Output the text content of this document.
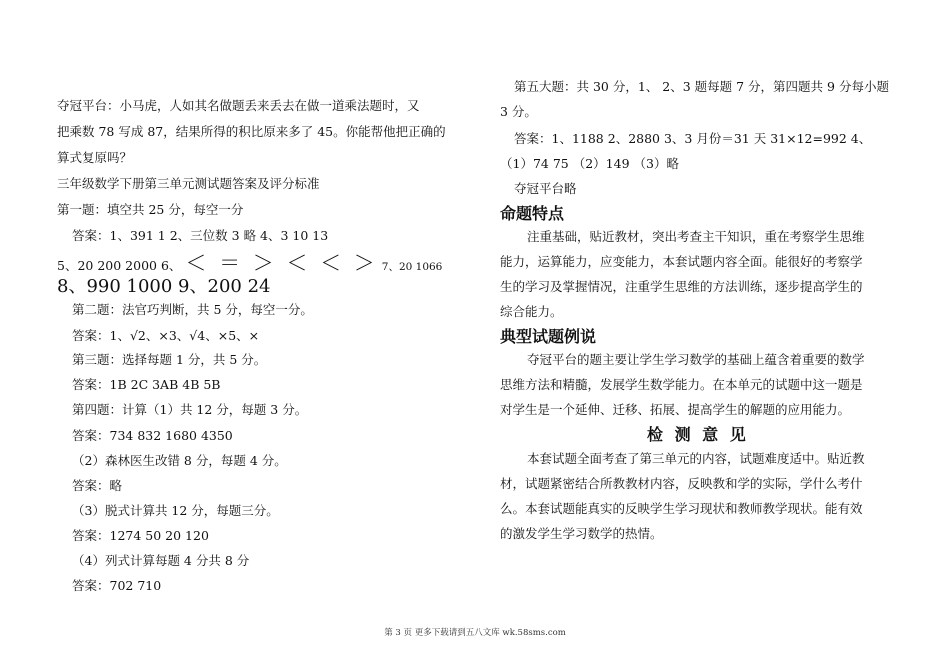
夺冠平台：小马虎，人如其名做题丢来丢去在做一道乘法题时，又
把乘数 78 写成 87，结果所得的积比原来多了 45。你能帮他把正确的
算式复原吗？
三年级数学下册第三单元测试题答案及评分标准
第一题：填空共 25 分，每空一分
答案：1、391 1 2、三位数 3 略 4、3 10 13
5、20 200 2000 6、 ＜ ＝ ＞ ＜ ＜ ＞ 7、20 1066
8、990 1000 9、200 24
第二题：法官巧判断，共 5 分，每空一分。
答案：1、√2、×3、√4、×5、×
第三题：选择每题 1 分，共 5 分。
答案：1B 2C 3AB 4B 5B
第四题：计算（1）共 12 分，每题 3 分。
答案：734 832 1680 4350
（2）森林医生改错 8 分，每题 4 分。
答案：略
（3）脱式计算共 12 分，每题三分。
答案：1274 50 20 120
（4）列式计算每题 4 分共 8 分
答案：702 710
第五大题：共 30 分，1、 2、3 题每题 7 分，第四题共 9 分每小题
3 分。
答案：1、1188 2、2880 3、3 月份＝31 天 31×12=992 4、
（1）74 75 （2）149 （3）略
夺冠平台略
命题特点
注重基础，贴近教材，突出考查主干知识，重在考察学生思维
能力，运算能力，应变能力，本套试题内容全面。能很好的考察学
生的学习及掌握情况，注重学生思维的方法训练，逐步提高学生的
综合能力。
典型试题例说
夺冠平台的题主要让学生学习数学的基础上蕴含着重要的数学
思维方法和精髓，发展学生数学能力。在本单元的试题中这一题是
对学生是一个延伸、迁移、拓展、提高学生的解题的应用能力。
检 测 意 见
本套试题全面考查了第三单元的内容，试题难度适中。贴近教
材，试题紧密结合所教教材内容，反映教和学的实际，学什么考什
么。本套试题能真实的反映学生学习现状和教师教学现状。能有效
的激发学生学习数学的热情。
第 3 页 更多下载请到五八文库 wk.58sms.com
